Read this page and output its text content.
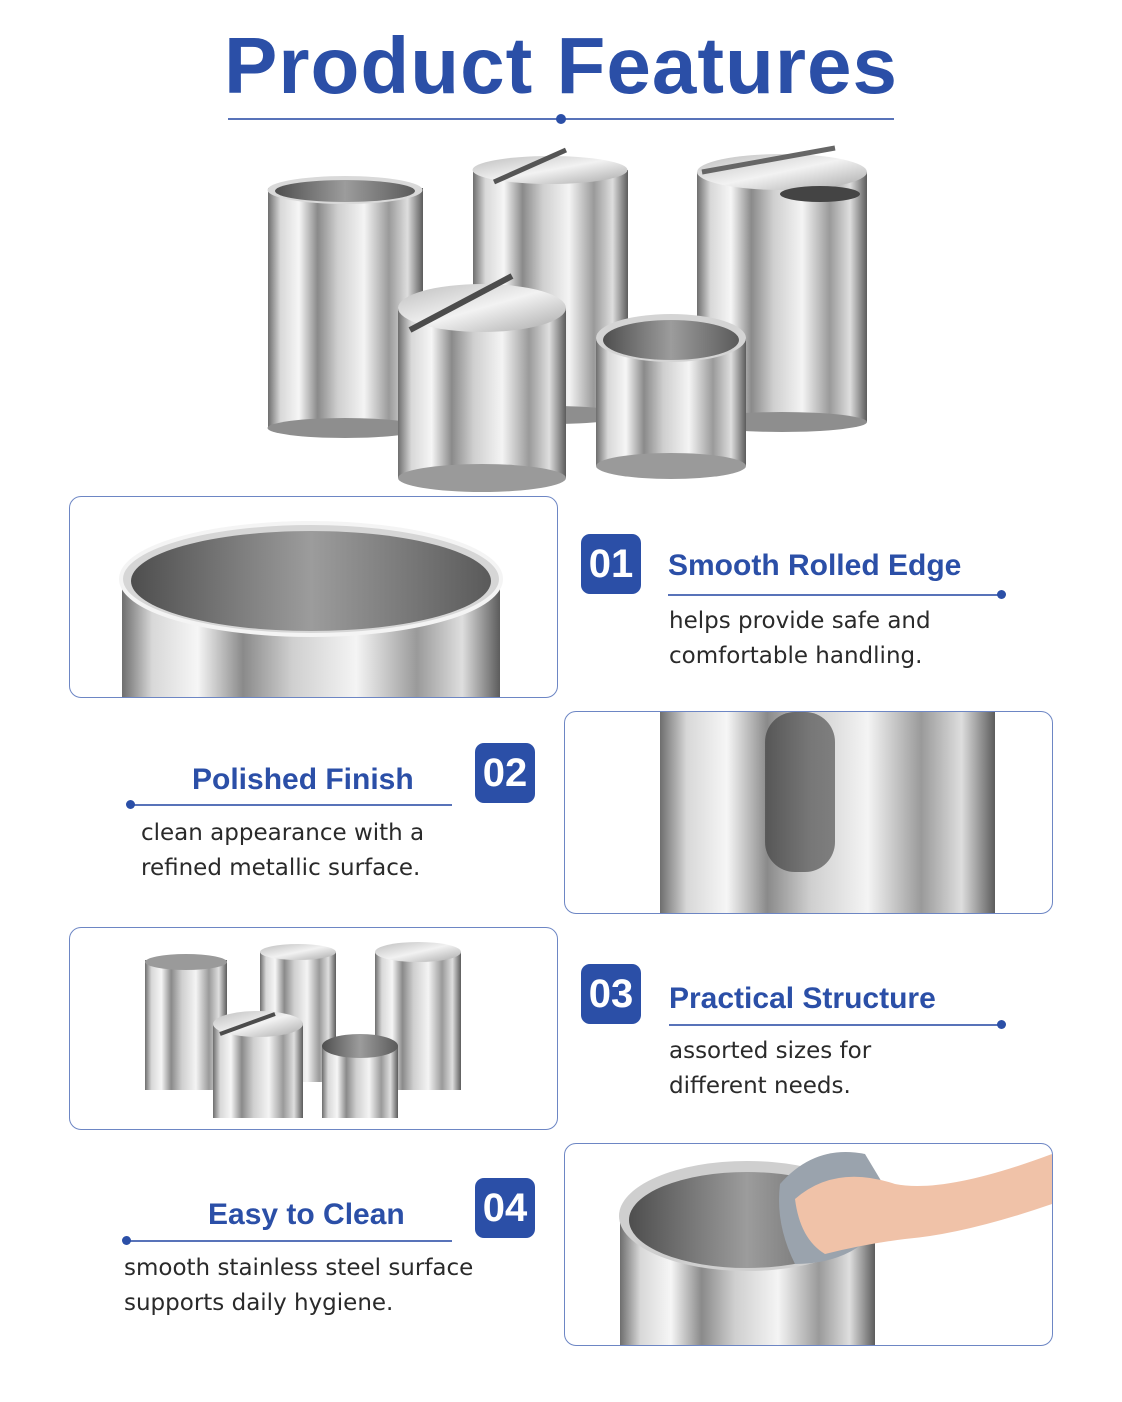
Product Features
01 Smooth Rolled Edge
helps provide safe and
comfortable handling.
02
Polished Finish
clean appearance with a
refined metallic surface.
03 Practical Structure
assorted sizes for
different needs.
04
Easy to Clean
smooth stainless steel surface
supports daily hygiene.
